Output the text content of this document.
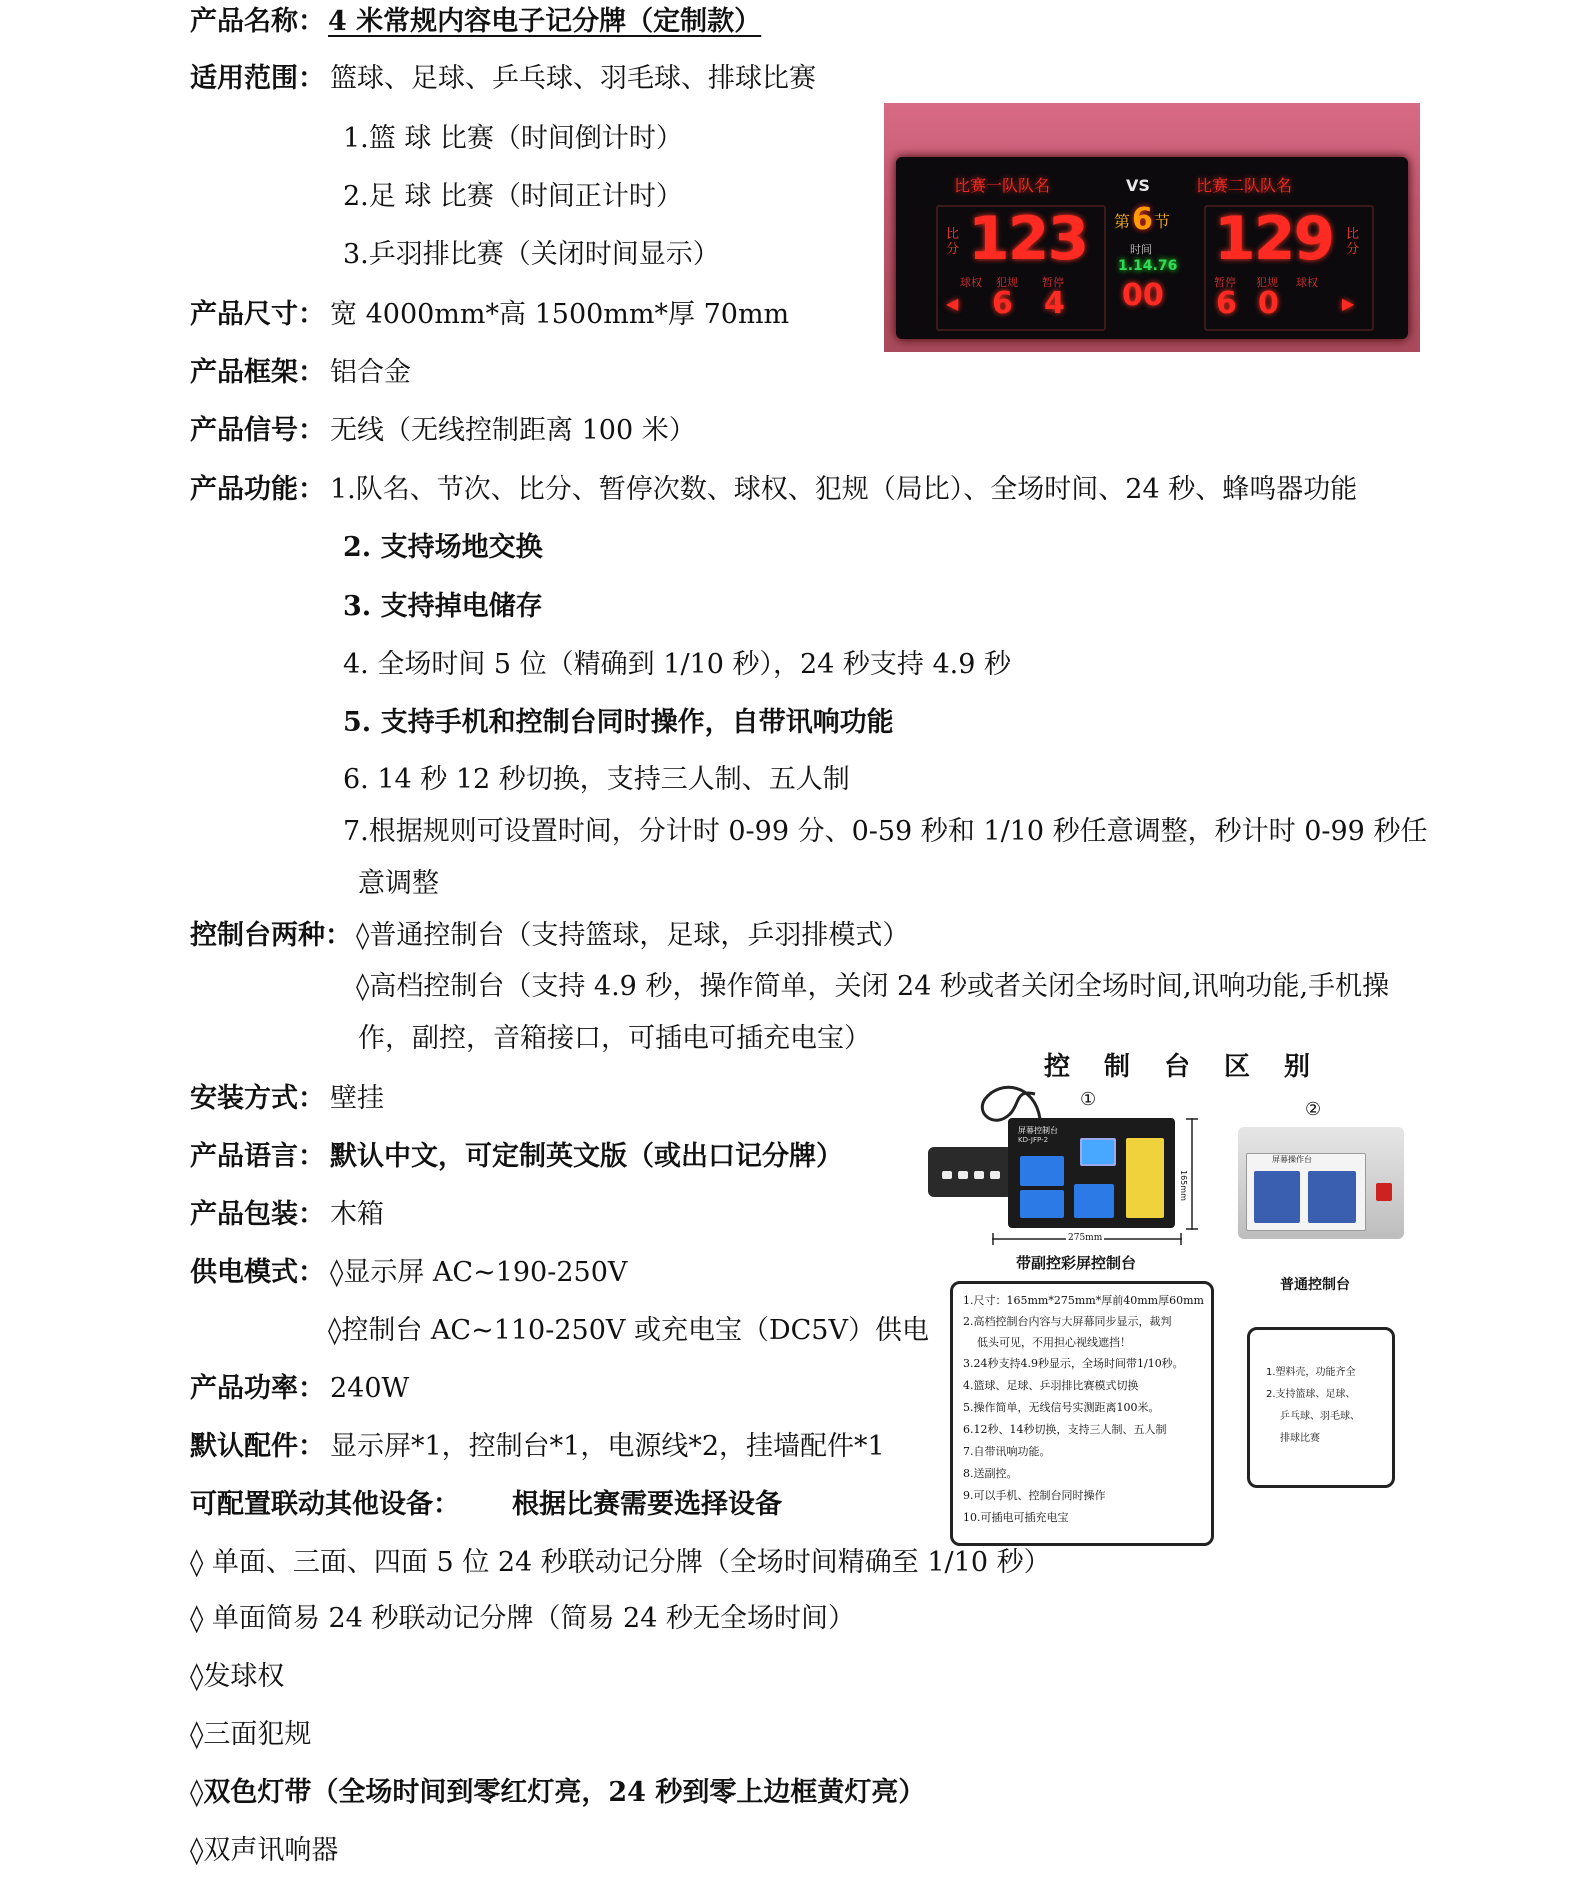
产品名称： 4 米常规内容电子记分牌（定制款）
适用范围： 篮球、足球、乒乓球、羽毛球、排球比赛
1.篮 球 比赛（时间倒计时）
2.足 球 比赛（时间正计时）
3.乒羽排比赛（关闭时间显示）
产品尺寸： 宽 4000mm*高 1500mm*厚 70mm
产品框架： 铝合金
产品信号： 无线（无线控制距离 100 米）
产品功能： 1.队名、节次、比分、暂停次数、球权、犯规（局比）、全场时间、24 秒、蜂鸣器功能
2. 支持场地交换
3. 支持掉电储存
4. 全场时间 5 位（精确到 1/10 秒），24 秒支持 4.9 秒
5. 支持手机和控制台同时操作，自带讯响功能
6. 14 秒 12 秒切换，支持三人制、五人制
7.根据规则可设置时间，分计时 0-99 分、0-59 秒和 1/10 秒任意调整，秒计时 0-99 秒任
意调整
控制台两种： ◊普通控制台（支持篮球，足球，乒羽排模式）
◊高档控制台（支持 4.9 秒，操作简单，关闭 24 秒或者关闭全场时间,讯响功能,手机操
作，副控，音箱接口，可插电可插充电宝）
安装方式： 壁挂
产品语言： 默认中文，可定制英文版（或出口记分牌）
产品包装： 木箱
供电模式： ◊显示屏 AC~190-250V
◊控制台 AC~110-250V 或充电宝（DC5V）供电
产品功率： 240W
默认配件： 显示屏*1，控制台*1，电源线*2，挂墙配件*1
可配置联动其他设备： 根据比赛需要选择设备
◊ 单面、三面、四面 5 位 24 秒联动记分牌（全场时间精确至 1/10 秒）
◊ 单面简易 24 秒联动记分牌（简易 24 秒无全场时间）
◊发球权
◊三面犯规
◊双色灯带（全场时间到零红灯亮，24 秒到零上边框黄灯亮）
◊双声讯响器
比赛一队队名	VS	比赛二队队名
比分 123 129 比分
第 6 节
时间
1.14.76
00
球权 犯规 暂停
◀ 6 4
暂停 犯规 球权
6 0	▶
控制台区别
①	②
屏幕控制台
KD-JFP-2
165mm
275mm
带副控彩屏控制台
屏幕操作台
普通控制台
1.尺寸：165mm*275mm*厚前40mm厚60mm
2.高档控制台内容与大屏幕同步显示，裁判
低头可见，不用担心视线遮挡！
3.24秒支持4.9秒显示，全场时间带1/10秒。
4.篮球、足球、乒羽排比赛模式切换
5.操作简单，无线信号实测距离100米。
6.12秒、14秒切换，支持三人制、五人制
7.自带讯响功能。
8.送副控。
9.可以手机、控制台同时操作
10.可插电可插充电宝
1.塑料壳，功能齐全
2.支持篮球、足球、
乒乓球、羽毛球、
排球比赛
